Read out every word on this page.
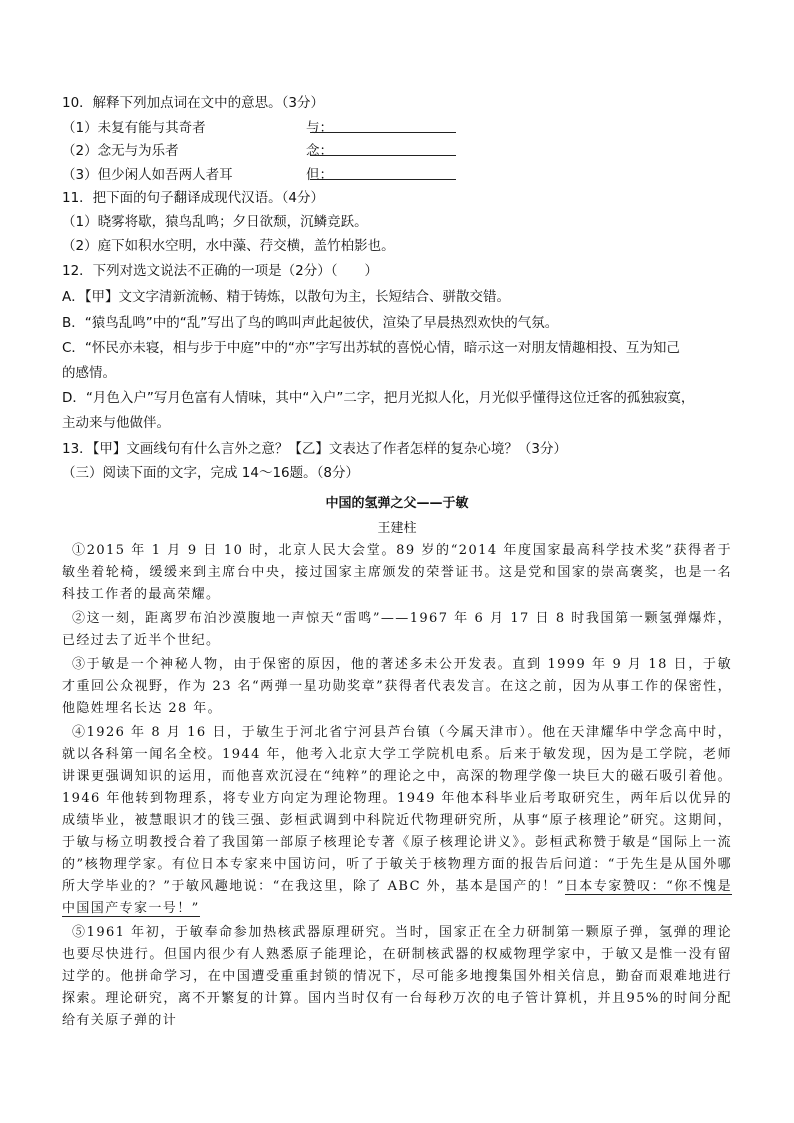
10．解释下列加点词在文中的意思。（3分）
（1）未复有能与其奇者	与：
（2）念无与为乐者	念：
（3）但少闲人如吾两人者耳	但：
11．把下面的句子翻译成现代汉语。（4分）
（1）晓雾将歇，猿鸟乱鸣；夕日欲颓，沉鳞竞跃。
（2）庭下如积水空明，水中藻、荇交横，盖竹柏影也。
12．下列对选文说法不正确的一项是（2分）（　　）
A．【甲】文文字清新流畅、精于铸炼，以散句为主，长短结合、骈散交错。
B．“猿鸟乱鸣”中的“乱”写出了鸟的鸣叫声此起彼伏，渲染了早晨热烈欢快的气氛。
C．“怀民亦未寝，相与步于中庭”中的“亦”字写出苏轼的喜悦心情，暗示这一对朋友情趣相投、互为知己
的感情。
D．“月色入户”写月色富有人情味，其中“入户”二字，把月光拟人化，月光似乎懂得这位迁客的孤独寂寞，
主动来与他做伴。
13．【甲】文画线句有什么言外之意？【乙】文表达了作者怎样的复杂心境？（3分）
（三）阅读下面的文字，完成 14～16题。（8分）
中国的氢弹之父——于敏
王建柱

①2015 年 1 月 9 日 10 时，北京人民大会堂。89 岁的“2014 年度国家最高科学技术奖”获得者于敏坐着轮椅，缓缓来到主席台中央，接过国家主席颁发的荣誉证书。这是党和国家的崇高褒奖，也是一名科技工作者的最高荣耀。

②这一刻，距离罗布泊沙漠腹地一声惊天“雷鸣”——1967 年 6 月 17 日 8 时我国第一颗氢弹爆炸，已经过去了近半个世纪。

③于敏是一个神秘人物，由于保密的原因，他的著述多未公开发表。直到 1999 年 9 月 18 日，于敏才重回公众视野，作为 23 名“两弹一星功勋奖章”获得者代表发言。在这之前，因为从事工作的保密性，他隐姓埋名长达 28 年。

④1926 年 8 月 16 日，于敏生于河北省宁河县芦台镇（今属天津市）。他在天津耀华中学念高中时，就以各科第一闻名全校。1944 年，他考入北京大学工学院机电系。后来于敏发现，因为是工学院，老师讲课更强调知识的运用，而他喜欢沉浸在“纯粹”的理论之中，高深的物理学像一块巨大的磁石吸引着他。1946 年他转到物理系，将专业方向定为理论物理。1949 年他本科毕业后考取研究生，两年后以优异的成绩毕业，被慧眼识才的钱三强、彭桓武调到中科院近代物理研究所，从事“原子核理论”研究。这期间，于敏与杨立明教授合着了我国第一部原子核理论专著《原子核理论讲义》。彭桓武称赞于敏是“国际上一流的”核物理学家。有位日本专家来中国访问，听了于敏关于核物理方面的报告后问道：“于先生是从国外哪所大学毕业的？”于敏风趣地说：“在我这里，除了 ABC 外，基本是国产的！”日本专家赞叹：“你不愧是中国国产专家一号！”

⑤1961 年初，于敏奉命参加热核武器原理研究。当时，国家正在全力研制第一颗原子弹，氢弹的理论也要尽快进行。但国内很少有人熟悉原子能理论，在研制核武器的权威物理学家中，于敏又是惟一没有留过学的。他拼命学习，在中国遭受重重封锁的情况下，尽可能多地搜集国外相关信息，勤奋而艰难地进行探索。理论研究，离不开繁复的计算。国内当时仅有一台每秒万次的电子管计算机，并且95%的时间分配给有关原子弹的计
